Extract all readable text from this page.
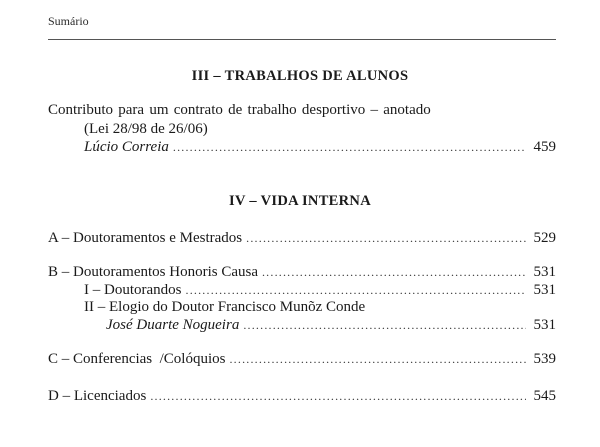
Sumário
III – TRABALHOS DE ALUNOS
Contributo para um contrato de trabalho desportivo – anotado
(Lei 28/98 de 26/06)
Lúcio Correia .....	459
IV – VIDA INTERNA
A – Doutoramentos e Mestrados .....	529
B – Doutoramentos Honoris Causa .....	531
I – Doutorandos .....	531
II – Elogio do Doutor Francisco Munõz Conde
José Duarte Nogueira .....	531
C – Conferencias  /Colóquios .....	539
D – Licenciados .....	545
